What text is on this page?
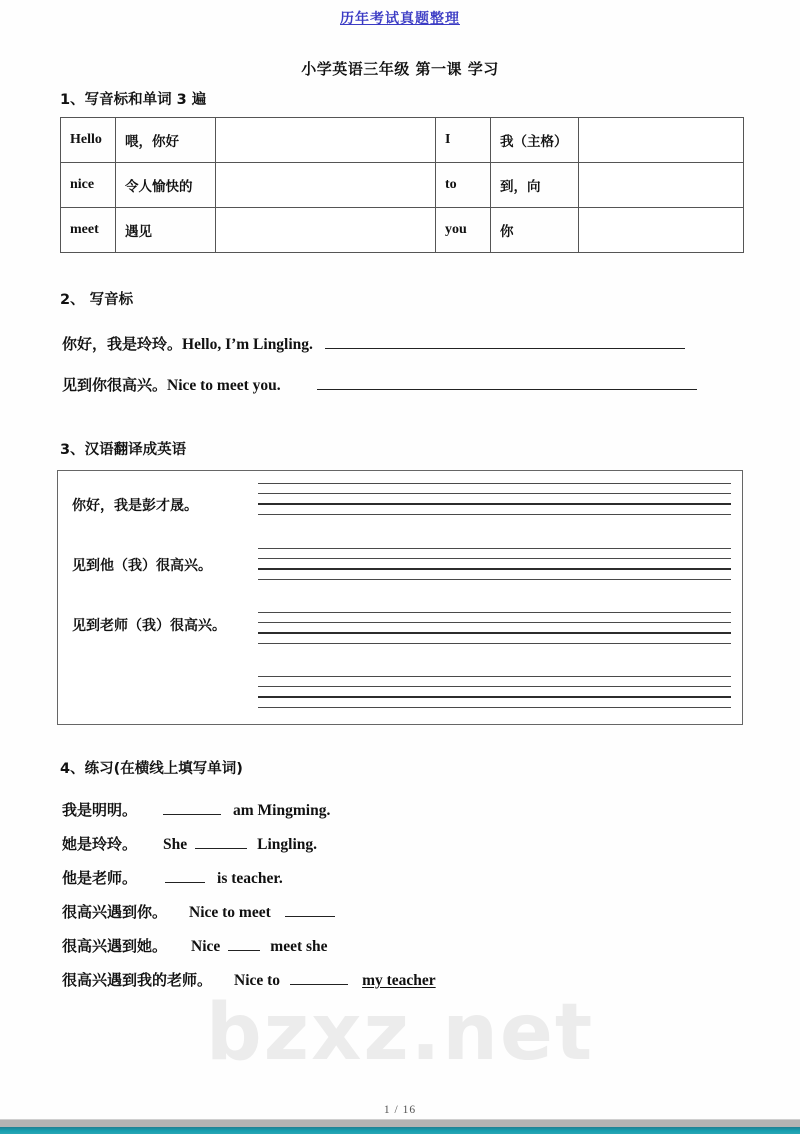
bzxz.net
历年考试真题整理
小学英语三年级 第一课 学习
1、写音标和单词 3 遍
Hello	喂，你好		I	我（主格）	
nice	令人愉快的		to	到，向	
meet	遇见		you	你	
2、 写音标
你好，我是玲玲。Hello, I’m Lingling.
见到你很高兴。Nice to meet you.
3、汉语翻译成英语
你好，我是彭才晟。
见到他（我）很高兴。
见到老师（我）很高兴。
4、练习(在横线上填写单词)
我是明明。	am Mingming.
她是玲玲。 She	Lingling.
他是老师。	is teacher.
很高兴遇到你。 Nice to meet
很高兴遇到她。 Nice	meet she
很高兴遇到我的老师。 Nice to	my teacher
1 / 16
